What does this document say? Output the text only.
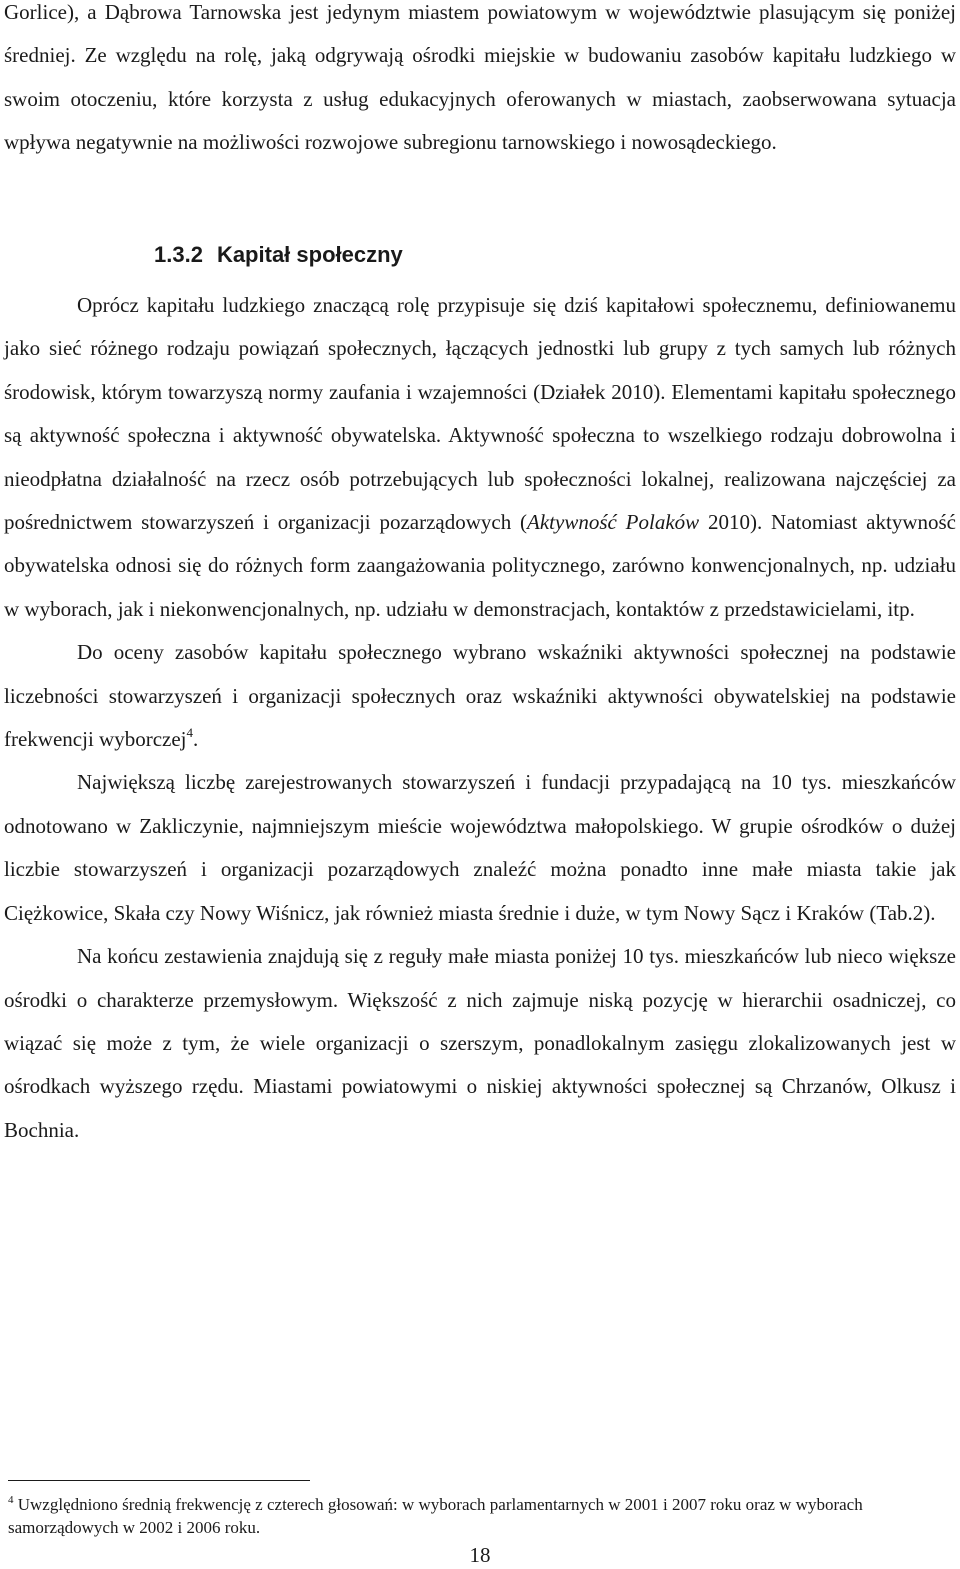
Gorlice), a Dąbrowa Tarnowska jest jedynym miastem powiatowym w województwie plasującym się poniżej średniej. Ze względu na rolę, jaką odgrywają ośrodki miejskie w budowaniu zasobów kapitału ludzkiego w swoim otoczeniu, które korzysta z usług edukacyjnych oferowanych w miastach, zaobserwowana sytuacja wpływa negatywnie na możliwości rozwojowe subregionu tarnowskiego i nowosądeckiego.

1.3.2 Kapitał społeczny

Oprócz kapitału ludzkiego znaczącą rolę przypisuje się dziś kapitałowi społecznemu, definiowanemu jako sieć różnego rodzaju powiązań społecznych, łączących jednostki lub grupy z tych samych lub różnych środowisk, którym towarzyszą normy zaufania i wzajemności (Działek 2010). Elementami kapitału społecznego są aktywność społeczna i aktywność obywatelska. Aktywność społeczna to wszelkiego rodzaju dobrowolna i nieodpłatna działalność na rzecz osób potrzebujących lub społeczności lokalnej, realizowana najczęściej za pośrednictwem stowarzyszeń i organizacji pozarządowych (Aktywność Polaków 2010). Natomiast aktywność obywatelska odnosi się do różnych form zaangażowania politycznego, zarówno konwencjonalnych, np. udziału w wyborach, jak i niekonwencjonalnych, np. udziału w demonstracjach, kontaktów z przedstawicielami, itp.

Do oceny zasobów kapitału społecznego wybrano wskaźniki aktywności społecznej na podstawie liczebności stowarzyszeń i organizacji społecznych oraz wskaźniki aktywności obywatelskiej na podstawie frekwencji wyborczej$^4$.

Największą liczbę zarejestrowanych stowarzyszeń i fundacji przypadającą na 10 tys. mieszkańców odnotowano w Zakliczynie, najmniejszym mieście województwa małopolskiego. W grupie ośrodków o dużej liczbie stowarzyszeń i organizacji pozarządowych znaleźć można ponadto inne małe miasta takie jak Ciężkowice, Skała czy Nowy Wiśnicz, jak również miasta średnie i duże, w tym Nowy Sącz i Kraków (Tab.2).

Na końcu zestawienia znajdują się z reguły małe miasta poniżej 10 tys. mieszkańców lub nieco większe ośrodki o charakterze przemysłowym. Większość z nich zajmuje niską pozycję w hierarchii osadniczej, co wiązać się może z tym, że wiele organizacji o szerszym, ponadlokalnym zasięgu zlokalizowanych jest w ośrodkach wyższego rzędu. Miastami powiatowymi o niskiej aktywności społecznej są Chrzanów, Olkusz i Bochnia.

$^4$ Uwzględniono średnią frekwencję z czterech głosowań: w wyborach parlamentarnych w 2001 i 2007 roku oraz w wyborach samorządowych w 2002 i 2006 roku.

18
